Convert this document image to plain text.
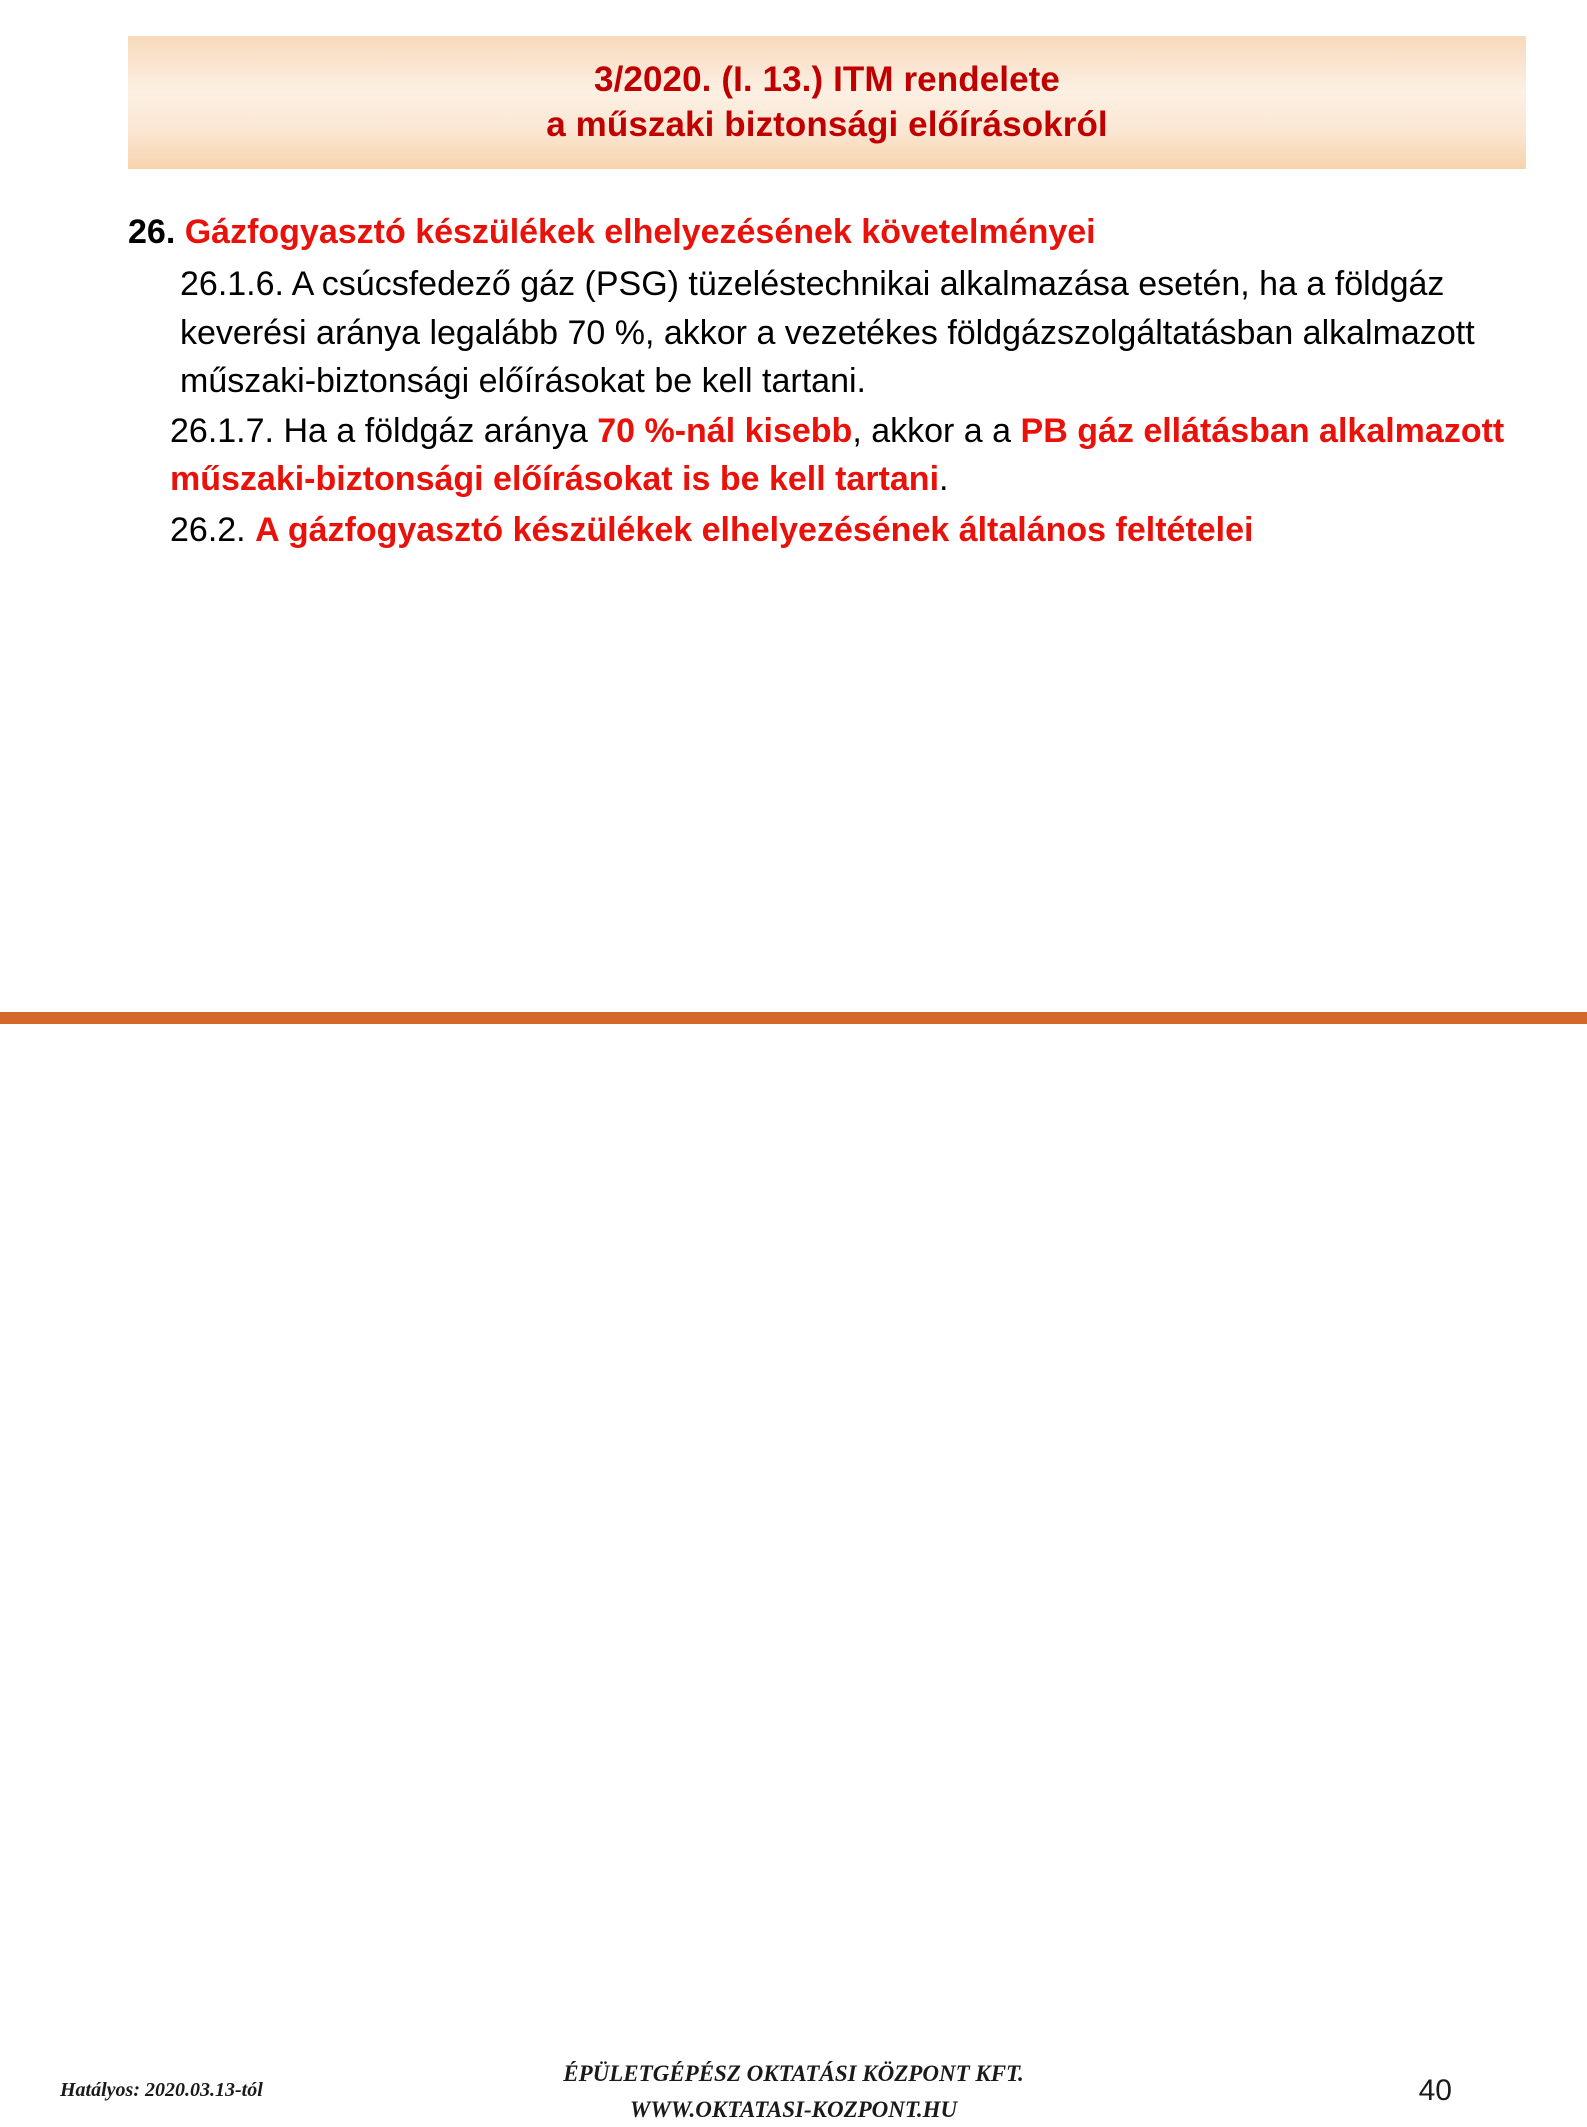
3/2020. (I. 13.) ITM rendelete
a műszaki biztonsági előírásokról

26. Gázfogyasztó készülékek elhelyezésének követelményei

26.1.6. A csúcsfedező gáz (PSG) tüzeléstechnikai alkalmazása esetén, ha a földgáz keverési aránya legalább 70 %, akkor a vezetékes földgázszolgáltatásban alkalmazott műszaki-biztonsági előírásokat be kell tartani.

26.1.7. Ha a földgáz aránya 70 %-nál kisebb, akkor a a PB gáz ellátásban alkalmazott műszaki-biztonsági előírásokat is be kell tartani.

26.2. A gázfogyasztó készülékek elhelyezésének általános feltételei

Hatályos: 2020.03.13-tól
ÉPÜLETGÉPÉSZ OKTATÁSI KÖZPONT KFT.
WWW.OKTATASI-KOZPONT.HU
40
